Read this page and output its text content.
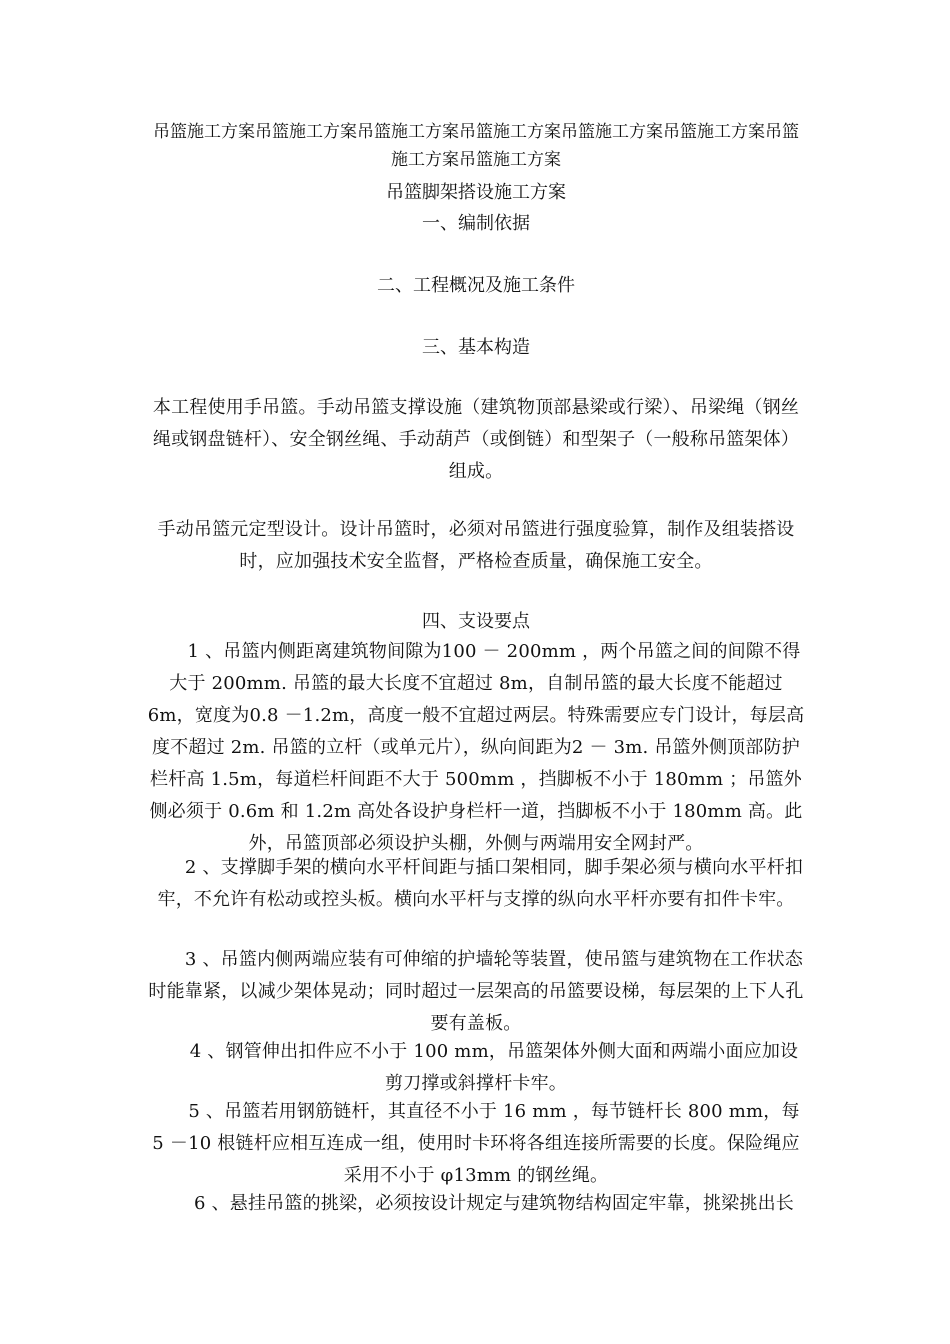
吊篮施工方案吊篮施工方案吊篮施工方案吊篮施工方案吊篮施工方案吊篮施工方案吊篮施工方案吊篮施工方案

吊篮脚架搭设施工方案

一、编制依据

二、工程概况及施工条件

三、基本构造

本工程使用手吊篮。手动吊篮支撑设施（建筑物顶部悬梁或行梁）、吊梁绳（钢丝绳或钢盘链杆）、安全钢丝绳、手动葫芦（或倒链）和型架子（一般称吊篮架体）组成。

手动吊篮元定型设计。设计吊篮时，必须对吊篮进行强度验算，制作及组装搭设时，应加强技术安全监督，严格检查质量，确保施工安全。

四、支设要点

1 、吊篮内侧距离建筑物间隙为100 － 200mm ，两个吊篮之间的间隙不得大于 200mm. 吊篮的最大长度不宜超过 8m，自制吊篮的最大长度不能超过 6m，宽度为0.8 －1.2m，高度一般不宜超过两层。特殊需要应专门设计，每层高度不超过 2m. 吊篮的立杆（或单元片），纵向间距为2 － 3m. 吊篮外侧顶部防护栏杆高 1.5m，每道栏杆间距不大于 500mm ，挡脚板不小于 180mm ；吊篮外侧必须于 0.6m 和 1.2m 高处各设护身栏杆一道，挡脚板不小于 180mm 高。此外，吊篮顶部必须设护头棚，外侧与两端用安全网封严。

2 、支撑脚手架的横向水平杆间距与插口架相同，脚手架必须与横向水平杆扣牢，不允许有松动或控头板。横向水平杆与支撑的纵向水平杆亦要有扣件卡牢。

3 、吊篮内侧两端应装有可伸缩的护墙轮等装置，使吊篮与建筑物在工作状态时能靠紧，以减少架体晃动；同时超过一层架高的吊篮要设梯，每层架的上下人孔要有盖板。

4 、钢管伸出扣件应不小于 100 mm，吊篮架体外侧大面和两端小面应加设剪刀撑或斜撑杆卡牢。

5 、吊篮若用钢筋链杆，其直径不小于 16 mm ，每节链杆长 800 mm，每 5 －10 根链杆应相互连成一组，使用时卡环将各组连接所需要的长度。保险绳应采用不小于 φ13mm 的钢丝绳。

6 、悬挂吊篮的挑梁，必须按设计规定与建筑物结构固定牢靠，挑梁挑出长
